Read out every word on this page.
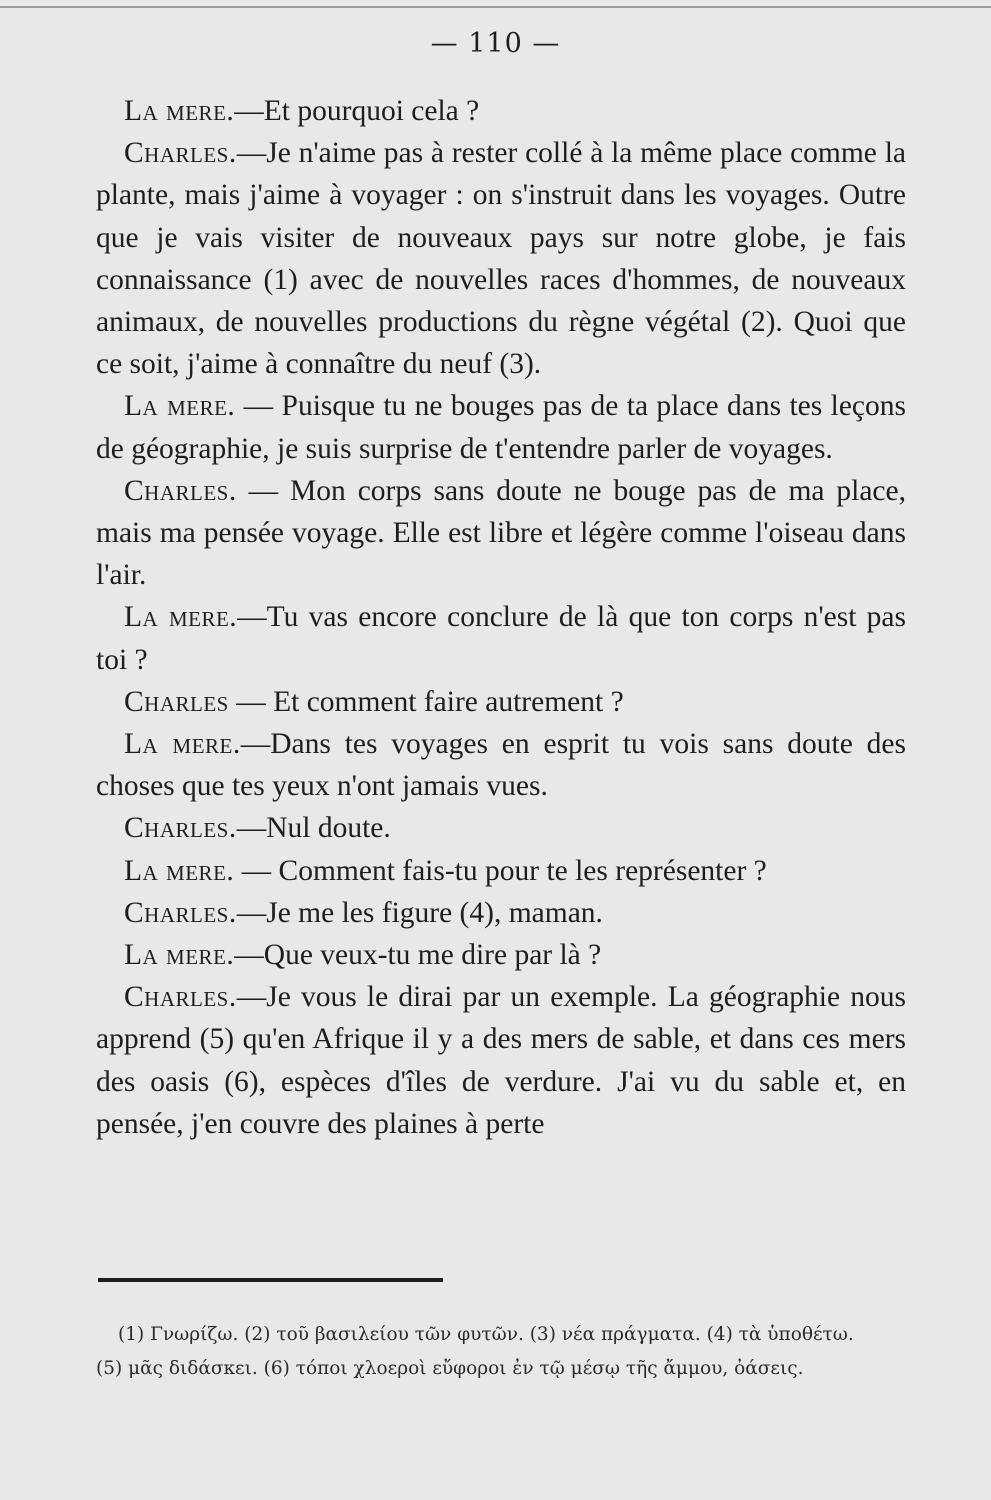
— 110 —

La mere.—Et pourquoi cela ?

Charles.—Je n'aime pas à rester collé à la même place comme la plante, mais j'aime à voyager : on s'instruit dans les voyages. Outre que je vais visiter de nouveaux pays sur notre globe, je fais connaissance (1) avec de nouvelles races d'hommes, de nouveaux animaux, de nouvelles productions du règne végétal (2). Quoi que ce soit, j'aime à connaître du neuf (3).

La mere. — Puisque tu ne bouges pas de ta place dans tes leçons de géographie, je suis surprise de t'entendre parler de voyages.

Charles. — Mon corps sans doute ne bouge pas de ma place, mais ma pensée voyage. Elle est libre et légère comme l'oiseau dans l'air.

La mere.—Tu vas encore conclure de là que ton corps n'est pas toi ?

Charles — Et comment faire autrement ?

La mere.—Dans tes voyages en esprit tu vois sans doute des choses que tes yeux n'ont jamais vues.

Charles.—Nul doute.

La mere. — Comment fais-tu pour te les représenter ?

Charles.—Je me les figure (4), maman.

La mere.—Que veux-tu me dire par là ?

Charles.—Je vous le dirai par un exemple. La géographie nous apprend (5) qu'en Afrique il y a des mers de sable, et dans ces mers des oasis (6), espèces d'îles de verdure. J'ai vu du sable et, en pensée, j'en couvre des plaines à perte

(1) Γνωρίζω. (2) τοῦ βασιλείου τῶν φυτῶν. (3) νέα πράγματα. (4) τὰ ὑποθέτω.

(5) μᾶς διδάσκει. (6) τόποι χλοεροὶ εὔφοροι ἐν τῷ μέσῳ τῆς ἄμμου, ὀάσεις.
